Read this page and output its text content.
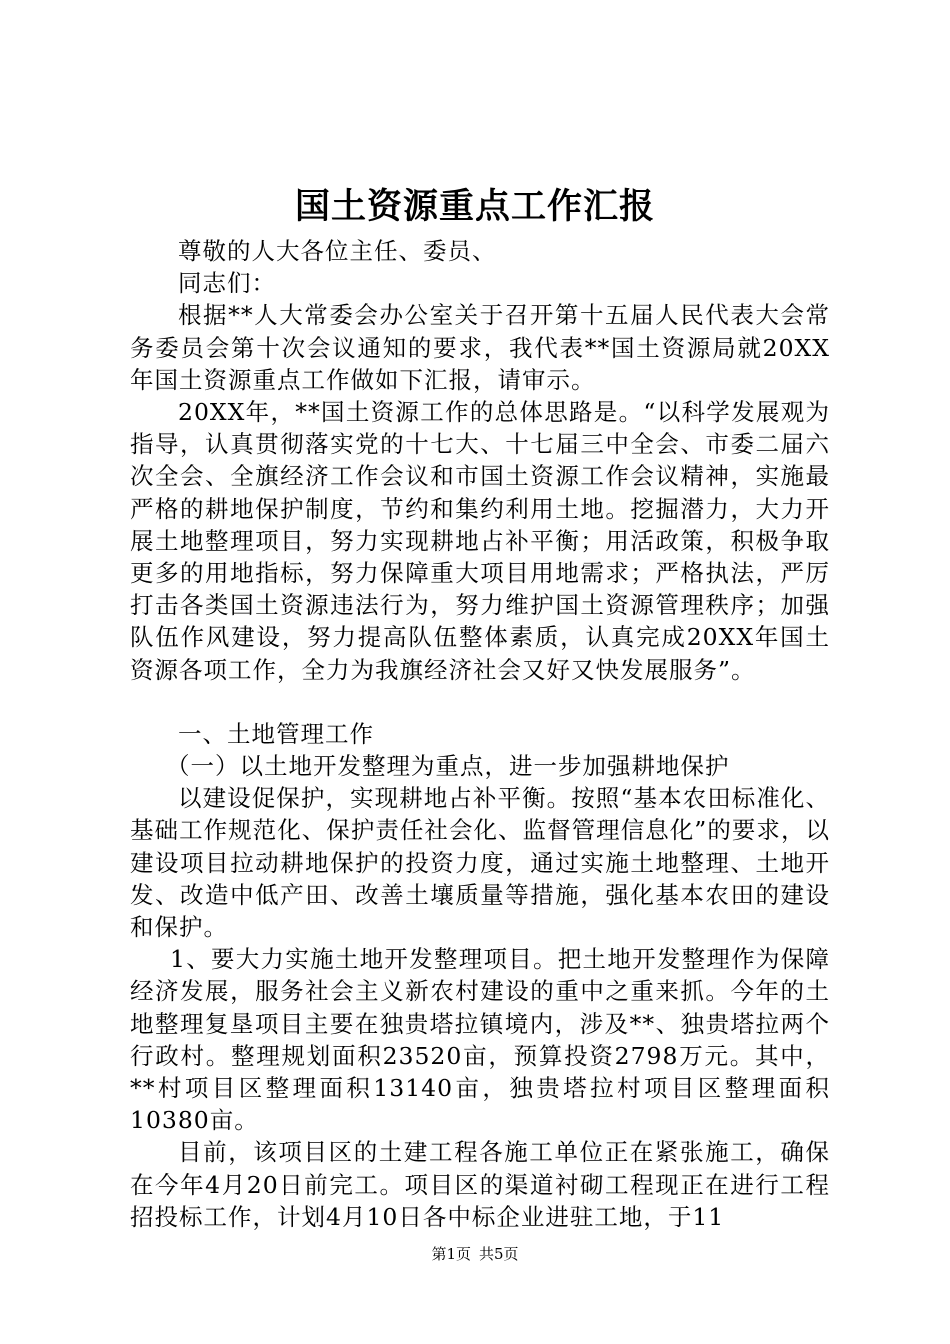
国土资源重点工作汇报

尊敬的人大各位主任、委员、

同志们：

根据**人大常委会办公室关于召开第十五届人民代表大会常务委员会第十次会议通知的要求，我代表**国土资源局就20XX年国土资源重点工作做如下汇报，请审示。

20XX年，**国土资源工作的总体思路是。“以科学发展观为指导，认真贯彻落实党的十七大、十七届三中全会、市委二届六次全会、全旗经济工作会议和市国土资源工作会议精神，实施最严格的耕地保护制度，节约和集约利用土地。挖掘潜力，大力开展土地整理项目，努力实现耕地占补平衡；用活政策，积极争取更多的用地指标，努力保障重大项目用地需求；严格执法，严厉打击各类国土资源违法行为，努力维护国土资源管理秩序；加强队伍作风建设，努力提高队伍整体素质，认真完成20XX年国土资源各项工作，全力为我旗经济社会又好又快发展服务”。

一、土地管理工作

（一）以土地开发整理为重点，进一步加强耕地保护

以建设促保护，实现耕地占补平衡。按照“基本农田标准化、基础工作规范化、保护责任社会化、监督管理信息化”的要求，以建设项目拉动耕地保护的投资力度，通过实施土地整理、土地开发、改造中低产田、改善土壤质量等措施，强化基本农田的建设和保护。

1、要大力实施土地开发整理项目。把土地开发整理作为保障经济发展，服务社会主义新农村建设的重中之重来抓。今年的土地整理复垦项目主要在独贵塔拉镇境内，涉及**、独贵塔拉两个行政村。整理规划面积23520亩，预算投资2798万元。其中，**村项目区整理面积13140亩，独贵塔拉村项目区整理面积10380亩。

目前，该项目区的土建工程各施工单位正在紧张施工，确保在今年4月20日前完工。项目区的渠道衬砌工程现正在进行工程招投标工作，计划4月10日各中标企业进驻工地，于11

第1页 共5页
